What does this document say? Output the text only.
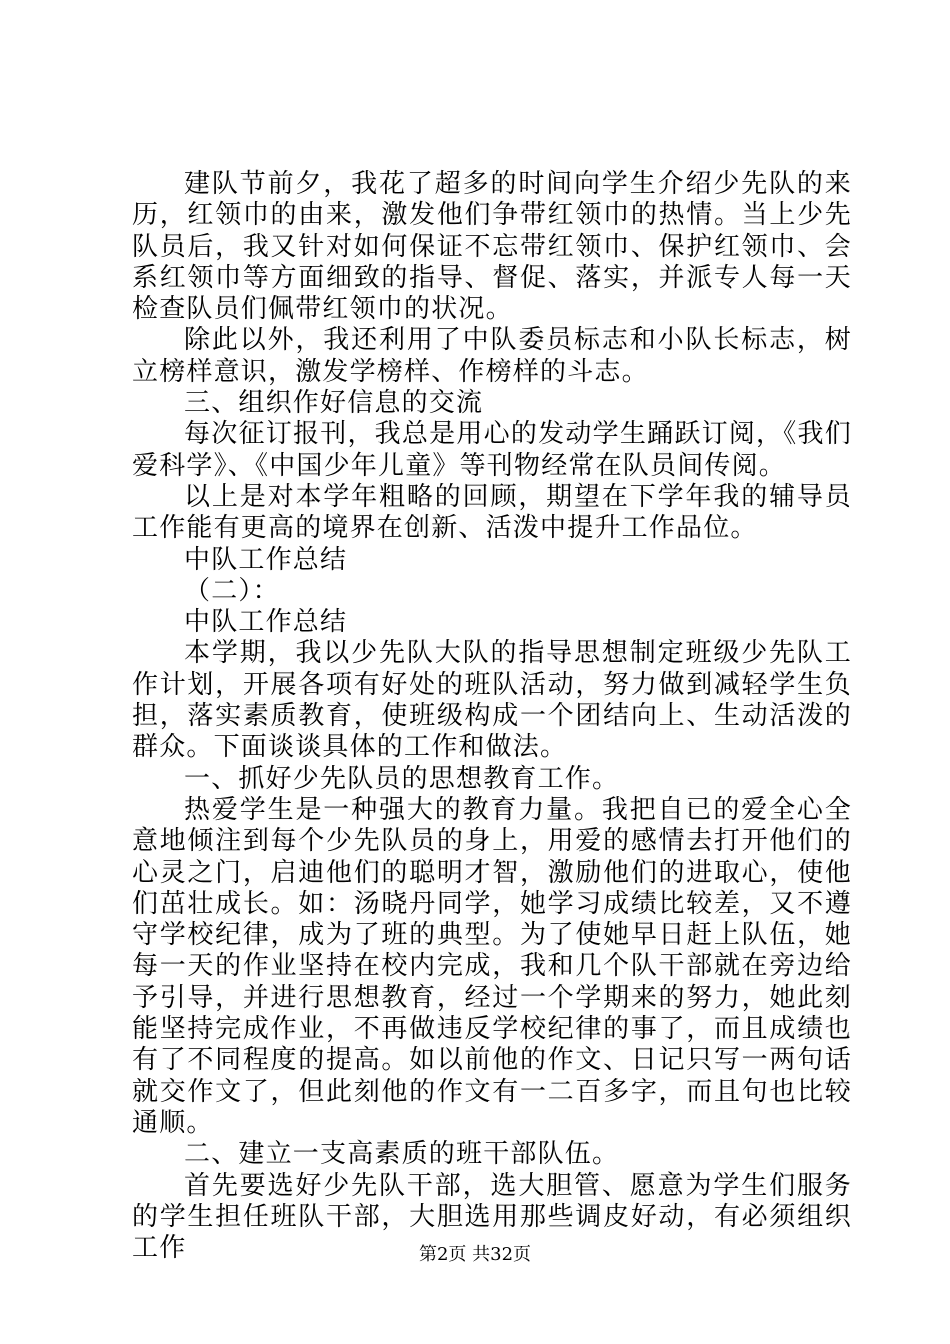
建队节前夕，我花了超多的时间向学生介绍少先队的来历，红领巾的由来，激发他们争带红领巾的热情。当上少先队员后，我又针对如何保证不忘带红领巾、保护红领巾、会系红领巾等方面细致的指导、督促、落实，并派专人每一天检查队员们佩带红领巾的状况。

除此以外，我还利用了中队委员标志和小队长标志，树立榜样意识，激发学榜样、作榜样的斗志。

三、组织作好信息的交流

每次征订报刊，我总是用心的发动学生踊跃订阅，《我们爱科学》、《中国少年儿童》等刊物经常在队员间传阅。

以上是对本学年粗略的回顾，期望在下学年我的辅导员工作能有更高的境界在创新、活泼中提升工作品位。

中队工作总结

（二）：

中队工作总结

本学期，我以少先队大队的指导思想制定班级少先队工作计划，开展各项有好处的班队活动，努力做到减轻学生负担，落实素质教育，使班级构成一个团结向上、生动活泼的群众。下面谈谈具体的工作和做法。

一、抓好少先队员的思想教育工作。

热爱学生是一种强大的教育力量。我把自已的爱全心全意地倾注到每个少先队员的身上，用爱的感情去打开他们的心灵之门，启迪他们的聪明才智，激励他们的进取心，使他们茁壮成长。如：汤晓丹同学，她学习成绩比较差，又不遵守学校纪律，成为了班的典型。为了使她早日赶上队伍，她每一天的作业坚持在校内完成，我和几个队干部就在旁边给予引导，并进行思想教育，经过一个学期来的努力，她此刻能坚持完成作业，不再做违反学校纪律的事了，而且成绩也有了不同程度的提高。如以前他的作文、日记只写一两句话就交作文了，但此刻他的作文有一二百多字，而且句也比较通顺。

二、建立一支高素质的班干部队伍。

首先要选好少先队干部，选大胆管、愿意为学生们服务的学生担任班队干部，大胆选用那些调皮好动，有必须组织工作	第2页 共32页
